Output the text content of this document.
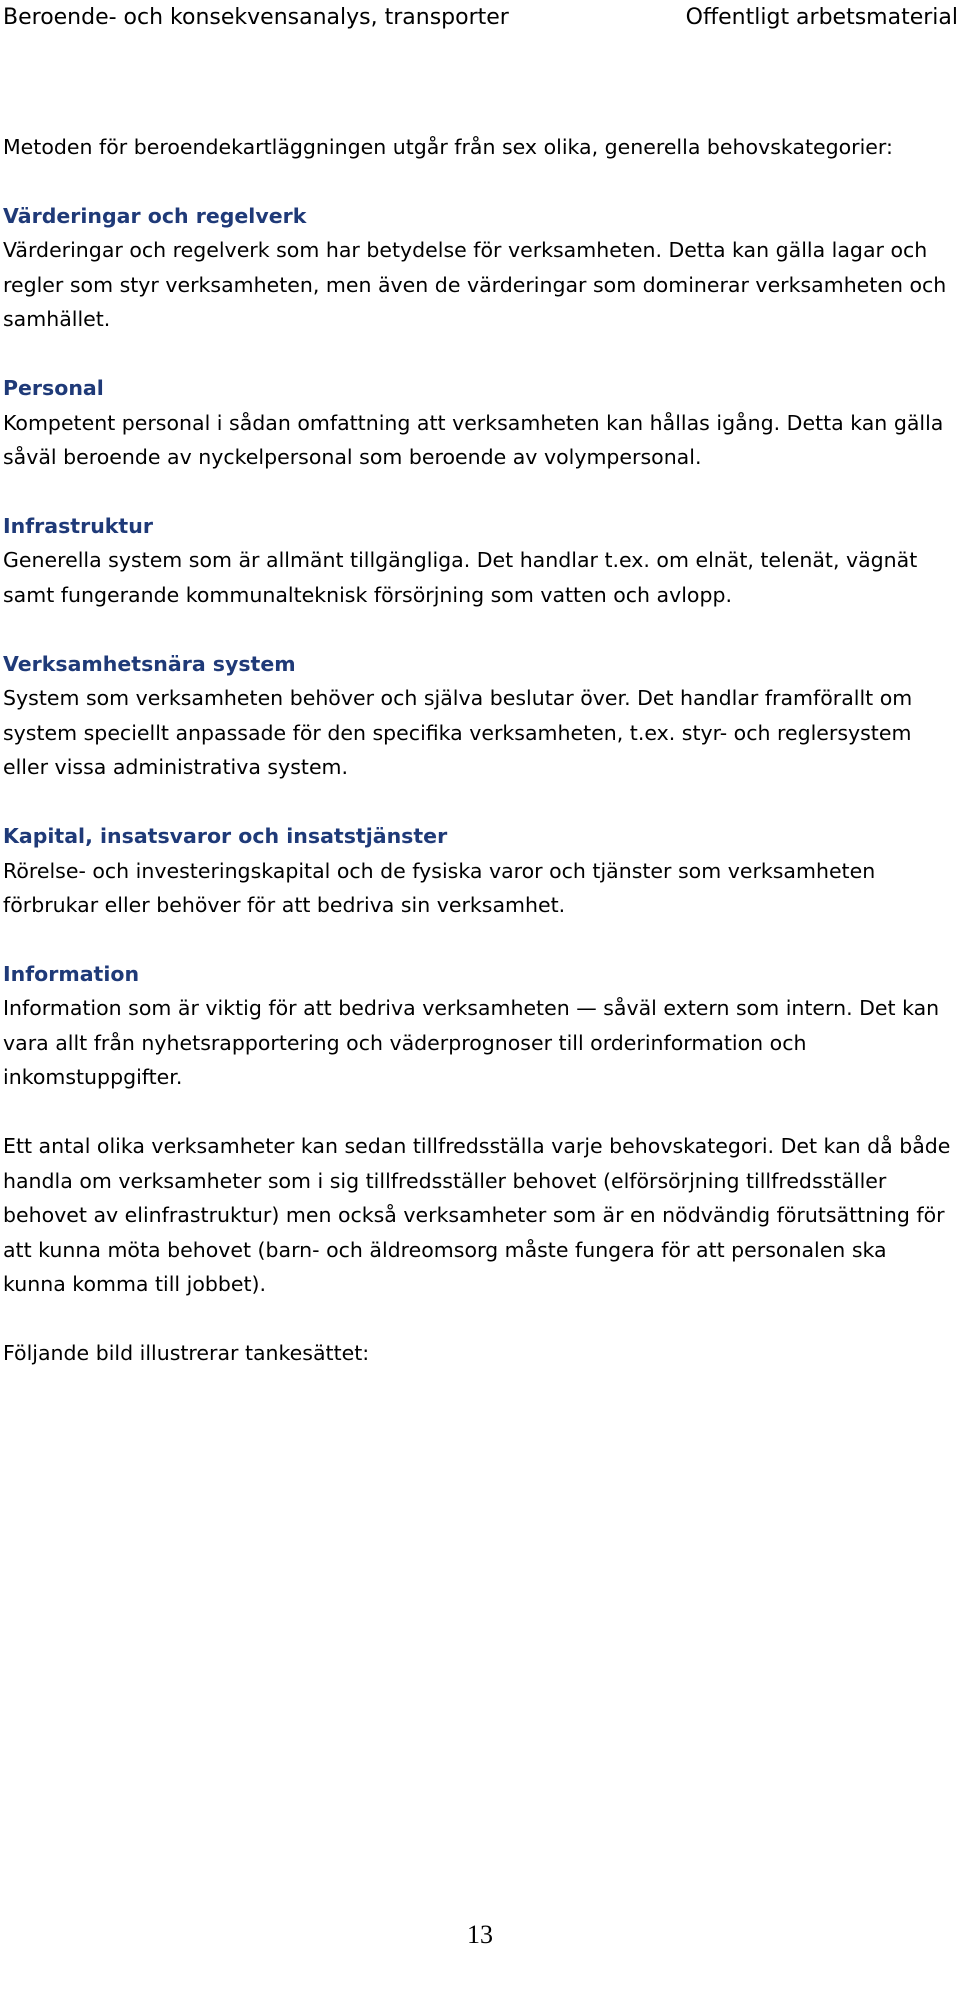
Beroende- och konsekvensanalys, transporter	Offentligt arbetsmaterial

Metoden för beroendekartläggningen utgår från sex olika, generella behovskategorier:

Värderingar och regelverk

Värderingar och regelverk som har betydelse för verksamheten. Detta kan gälla lagar och regler som styr verksamheten, men även de värderingar som dominerar verksamheten och samhället.

Personal

Kompetent personal i sådan omfattning att verksamheten kan hållas igång. Detta kan gälla såväl beroende av nyckelpersonal som beroende av volympersonal.

Infrastruktur

Generella system som är allmänt tillgängliga. Det handlar t.ex. om elnät, telenät, vägnät samt fungerande kommunalteknisk försörjning som vatten och avlopp.

Verksamhetsnära system

System som verksamheten behöver och själva beslutar över. Det handlar framförallt om system speciellt anpassade för den specifika verksamheten, t.ex. styr- och reglersystem eller vissa administrativa system.

Kapital, insatsvaror och insatstjänster

Rörelse- och investeringskapital och de fysiska varor och tjänster som verksamheten förbrukar eller behöver för att bedriva sin verksamhet.

Information

Information som är viktig för att bedriva verksamheten — såväl extern som intern. Det kan vara allt från nyhetsrapportering och väderprognoser till orderinformation och inkomstuppgifter.

Ett antal olika verksamheter kan sedan tillfredsställa varje behovskategori. Det kan då både handla om verksamheter som i sig tillfredsställer behovet (elförsörjning tillfredsställer behovet av elinfrastruktur) men också verksamheter som är en nödvändig förutsättning för att kunna möta behovet (barn- och äldreomsorg måste fungera för att personalen ska kunna komma till jobbet).

Följande bild illustrerar tankesättet:

13
